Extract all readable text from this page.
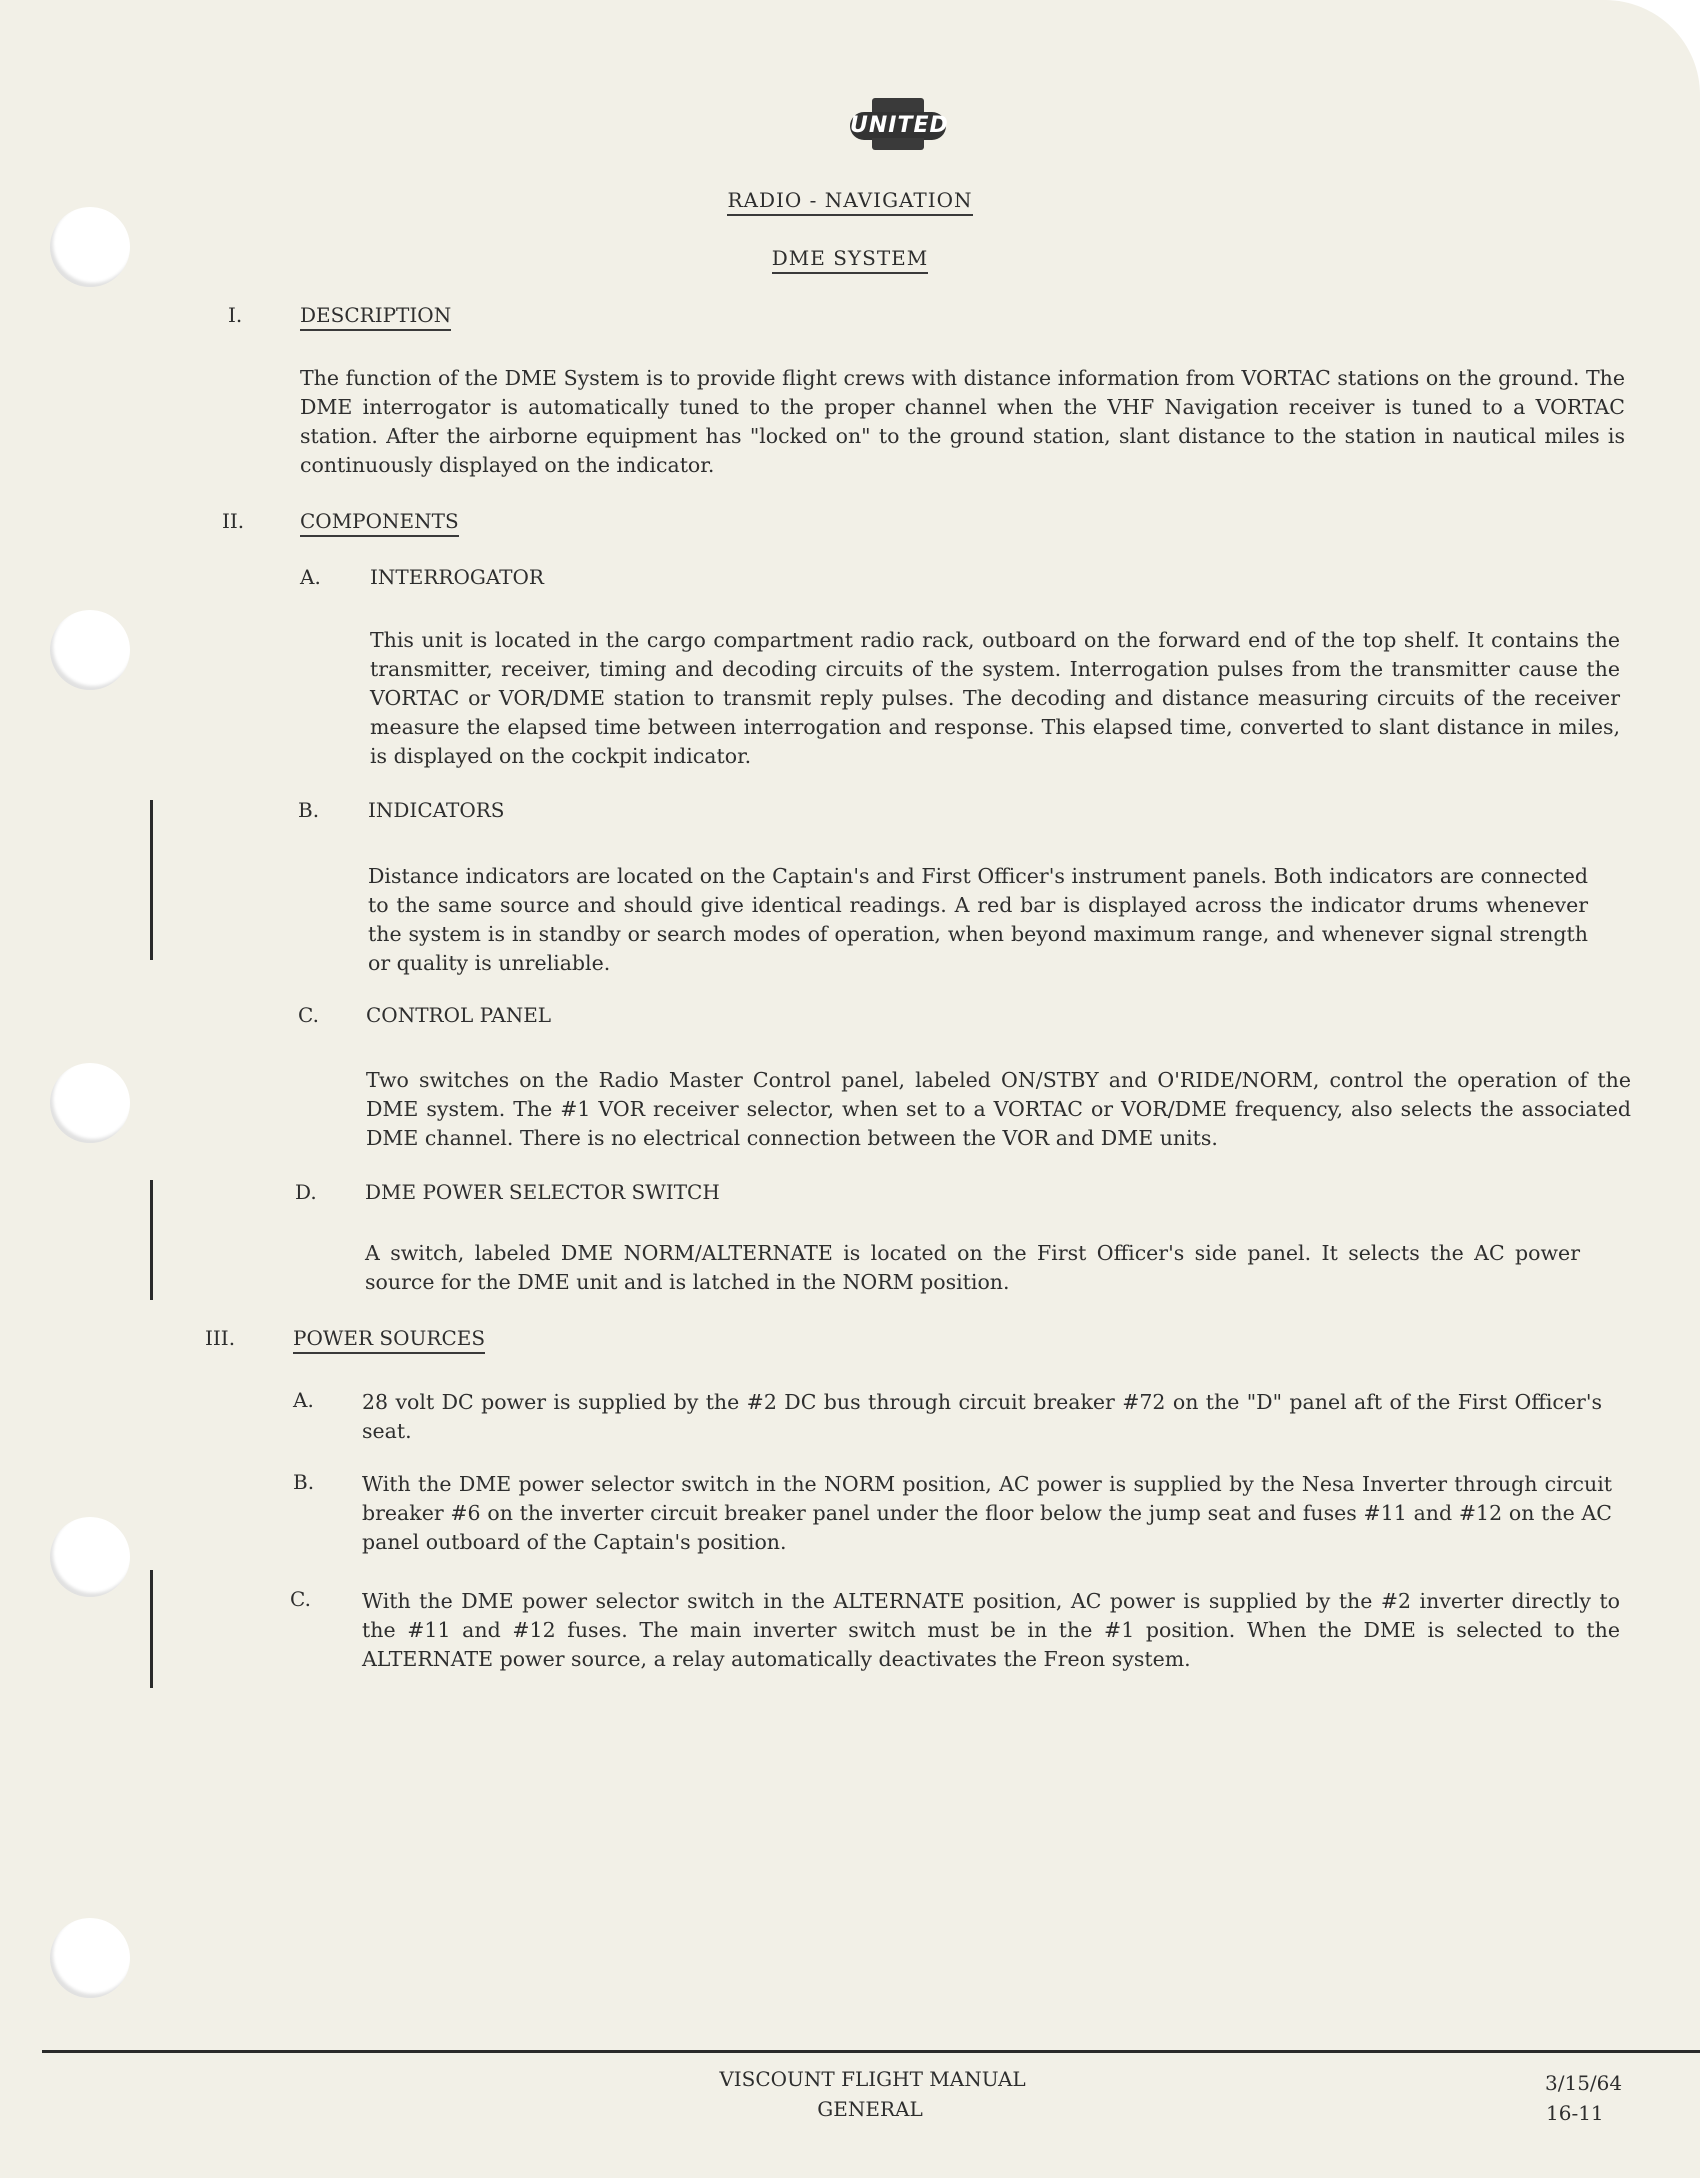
UNITED
RADIO - NAVIGATION
DME SYSTEM
I.	DESCRIPTION

The function of the DME System is to provide flight crews with distance information from VORTAC stations on the ground. The DME interrogator is automatically tuned to the proper channel when the VHF Navigation receiver is tuned to a VORTAC station. After the airborne equipment has "locked on" to the ground station, slant distance to the station in nautical miles is continuously displayed on the indicator.

II.	COMPONENTS
A. INTERROGATOR

This unit is located in the cargo compartment radio rack, outboard on the forward end of the top shelf. It contains the transmitter, receiver, timing and decoding circuits of the system. Interrogation pulses from the transmitter cause the VORTAC or VOR/DME station to transmit reply pulses. The decoding and distance measuring circuits of the receiver measure the elapsed time between interrogation and response. This elapsed time, converted to slant distance in miles, is displayed on the cockpit indicator.

B. INDICATORS

Distance indicators are located on the Captain's and First Officer's instrument panels. Both indicators are connected to the same source and should give identical readings. A red bar is displayed across the indicator drums whenever the system is in standby or search modes of operation, when beyond maximum range, and whenever signal strength or quality is unreliable.

C. CONTROL PANEL

Two switches on the Radio Master Control panel, labeled ON/STBY and O'RIDE/NORM, control the operation of the DME system. The #1 VOR receiver selector, when set to a VORTAC or VOR/DME frequency, also selects the associated DME channel. There is no electrical connection between the VOR and DME units.

D. DME POWER SELECTOR SWITCH

A switch, labeled DME NORM/ALTERNATE is located on the First Officer's side panel. It selects the AC power source for the DME unit and is latched in the NORM position.

III.	POWER SOURCES
A. 28 volt DC power is supplied by the #2 DC bus through circuit breaker #72 on the "D" panel aft of the First Officer's seat.

B. With the DME power selector switch in the NORM position, AC power is supplied by the Nesa Inverter through circuit breaker #6 on the inverter circuit breaker panel under the floor below the jump seat and fuses #11 and #12 on the AC panel outboard of the Captain's position.

C. With the DME power selector switch in the ALTERNATE position, AC power is supplied by the #2 inverter directly to the #11 and #12 fuses. The main inverter switch must be in the #1 position. When the DME is selected to the ALTERNATE power source, a relay automatically deactivates the Freon system.

VISCOUNT FLIGHT MANUAL
GENERAL
3/15/64
16-11
